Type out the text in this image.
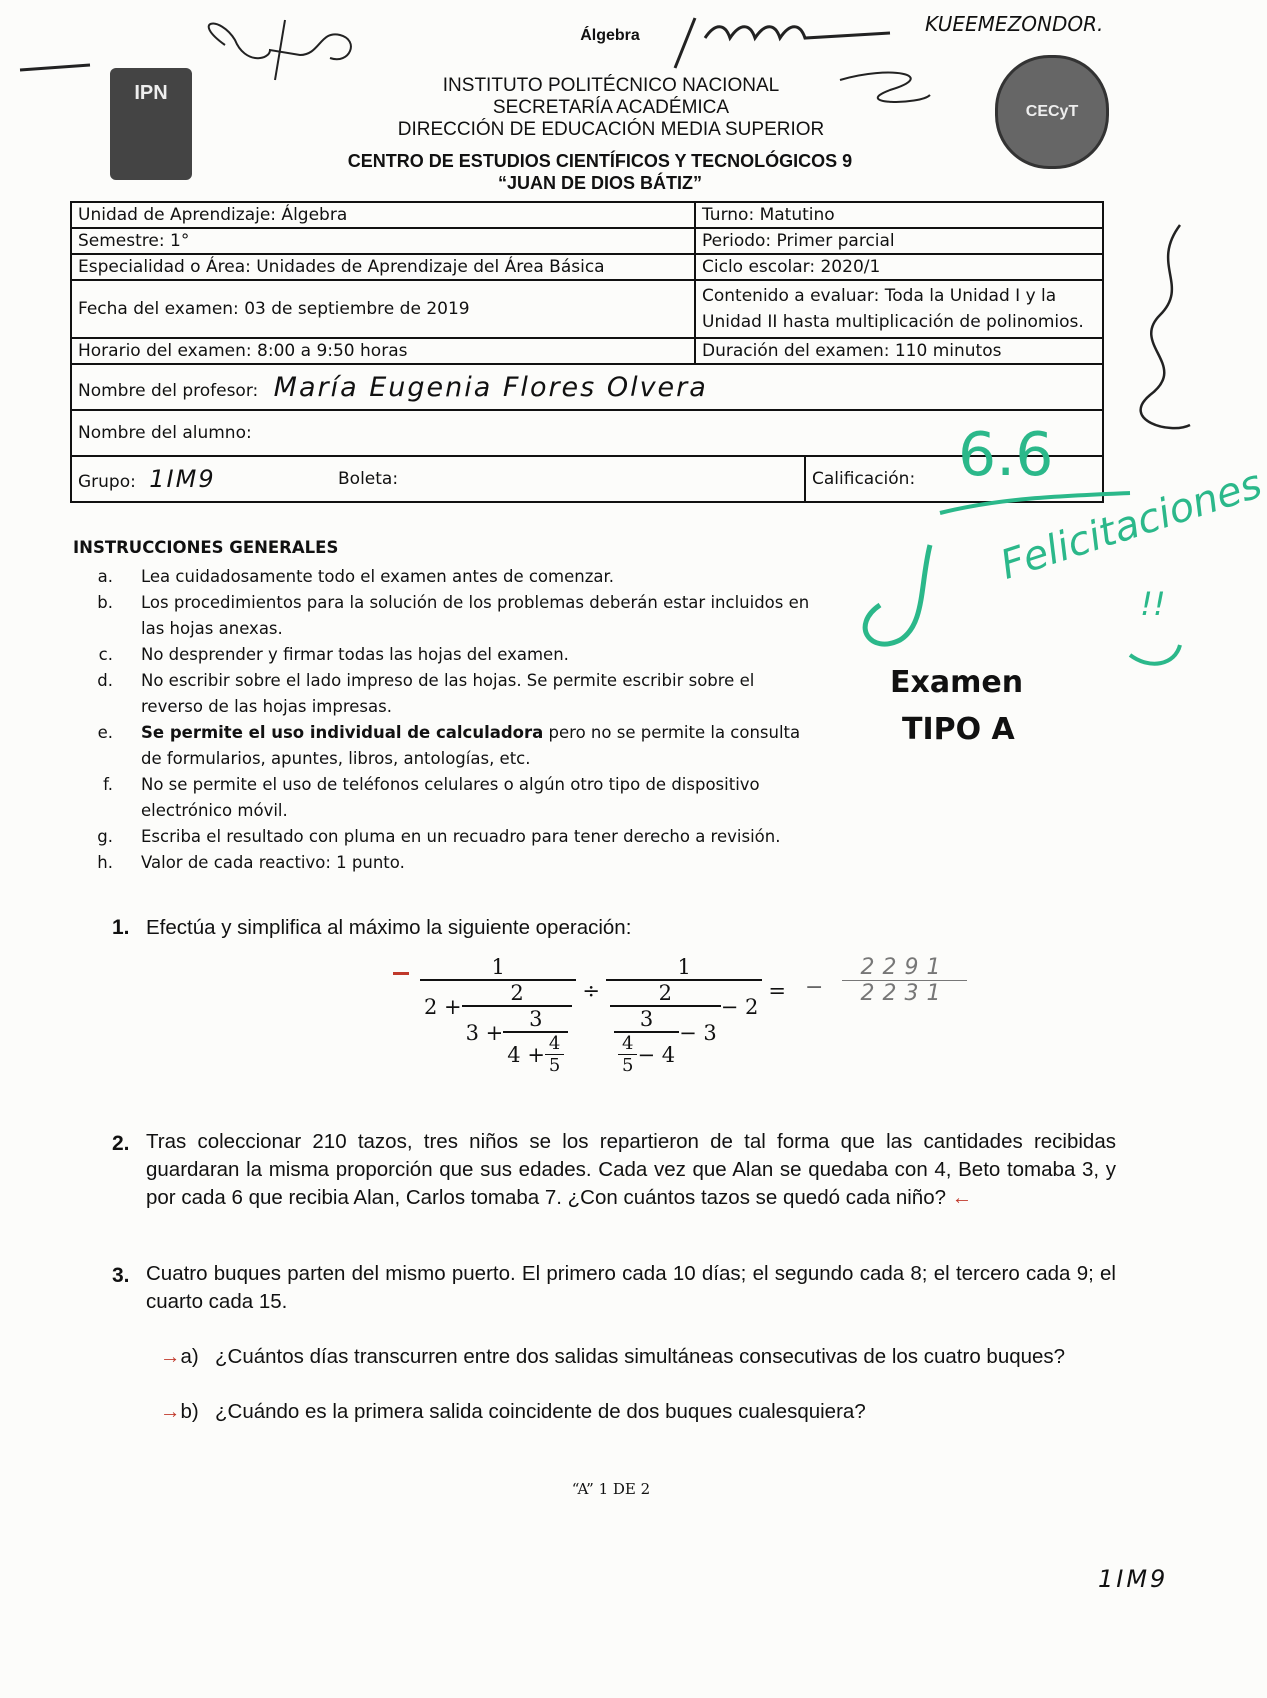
KUEEMEZONDOR.
IPN
CECyT
Álgebra
INSTITUTO POLITÉCNICO NACIONAL
SECRETARÍA ACADÉMICA
DIRECCIÓN DE EDUCACIÓN MEDIA SUPERIOR
CENTRO DE ESTUDIOS CIENTÍFICOS Y TECNOLÓGICOS 9
“JUAN DE DIOS BÁTIZ”
Unidad de Aprendizaje: Álgebra	Turno: Matutino
Semestre: 1°	Periodo: Primer parcial
Especialidad o Área: Unidades de Aprendizaje del Área Básica	Ciclo escolar: 2020/1
Fecha del examen: 03 de septiembre de 2019	Contenido a evaluar: Toda la Unidad I y la
Unidad II hasta multiplicación de polinomios.

Horario del examen: 8:00 a 9:50 horas	Duración del examen: 110 minutos
Nombre del profesor: María Eugenia Flores Olvera	
Nombre del alumno:	

Grupo: 1IM9 Boleta: Calificación:	6.6
Felicitaciones
!!
INSTRUCCIONES GENERALES
a. Lea cuidadosamente todo el examen antes de comenzar.
b. Los procedimientos para la solución de los problemas deberán estar incluidos en las hojas anexas.
c. No desprender y firmar todas las hojas del examen.
d. No escribir sobre el lado impreso de las hojas. Se permite escribir sobre el reverso de las hojas impresas.
e. Se permite el uso individual de calculadora pero no se permite la consulta de formularios, apuntes, libros, antologías, etc.
f. No se permite el uso de teléfonos celulares o algún otro tipo de dispositivo electrónico móvil.
g. Escriba el resultado con pluma en un recuadro para tener derecho a revisión.
h. Valor de cada reactivo: 1 punto.
Examen
TIPO A
1. Efectúa y simplifica al máximo la siguiente operación:
1
2 +
2
$3 + \frac{3}{4 + \frac{4}{5}}$
÷
1
2
$\frac{3}{\frac{4}{5} - 4} - 3$
− 2
= −
2291
2231
2. Tras coleccionar 210 tazos, tres niños se los repartieron de tal forma que las cantidades recibidas guardaran la misma proporción que sus edades. Cada vez que Alan se quedaba con 4, Beto tomaba 3, y por cada 6 que recibia Alan, Carlos tomaba 7. ¿Con cuántos tazos se quedó cada niño? ←
3. Cuatro buques parten del mismo puerto. El primero cada 10 días; el segundo cada 8; el tercero cada 9; el cuarto cada 15.
→a) ¿Cuántos días transcurren entre dos salidas simultáneas consecutivas de los cuatro buques?
→b) ¿Cuándo es la primera salida coincidente de dos buques cualesquiera?
“A” 1 DE 2
1IM9
